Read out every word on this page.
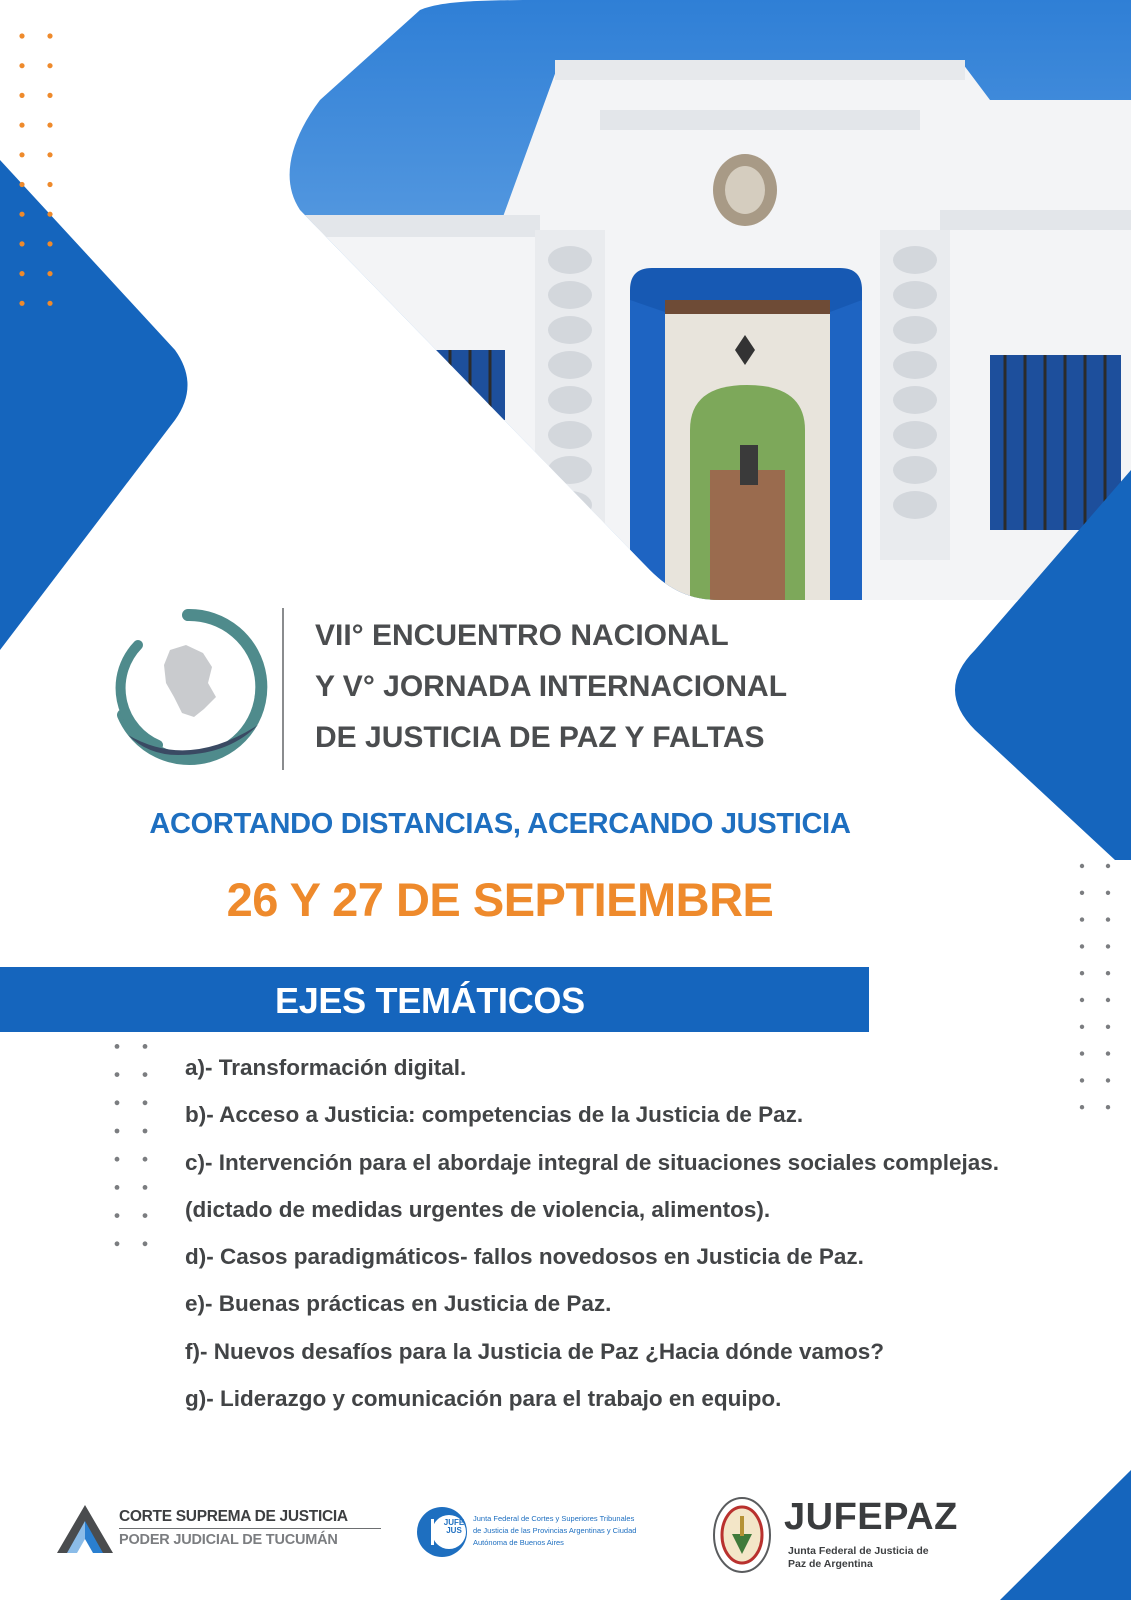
VII° ENCUENTRO NACIONAL
Y V° JORNADA INTERNACIONAL
DE JUSTICIA DE PAZ Y FALTAS
ACORTANDO DISTANCIAS, ACERCANDO JUSTICIA
26 Y 27 DE SEPTIEMBRE
EJES TEMÁTICOS
a)- Transformación digital.
b)- Acceso a Justicia: competencias de la Justicia de Paz.
c)- Intervención para el abordaje integral de situaciones sociales complejas.
(dictado de medidas urgentes de violencia, alimentos).
d)- Casos paradigmáticos- fallos novedosos en Justicia de Paz.
e)- Buenas prácticas en Justicia de Paz.
f)- Nuevos desafíos para la Justicia de Paz ¿Hacia dónde vamos?
g)- Liderazgo y comunicación para el trabajo en equipo.
CORTE SUPREMA DE JUSTICIA
PODER JUDICIAL DE TUCUMÁN
JUFE JUS
Junta Federal de Cortes y Superiores Tribunales
de Justicia de las Provincias Argentinas y Ciudad
Autónoma de Buenos Aires
JUFEPAZ
Junta Federal de Justicia de
Paz de Argentina
